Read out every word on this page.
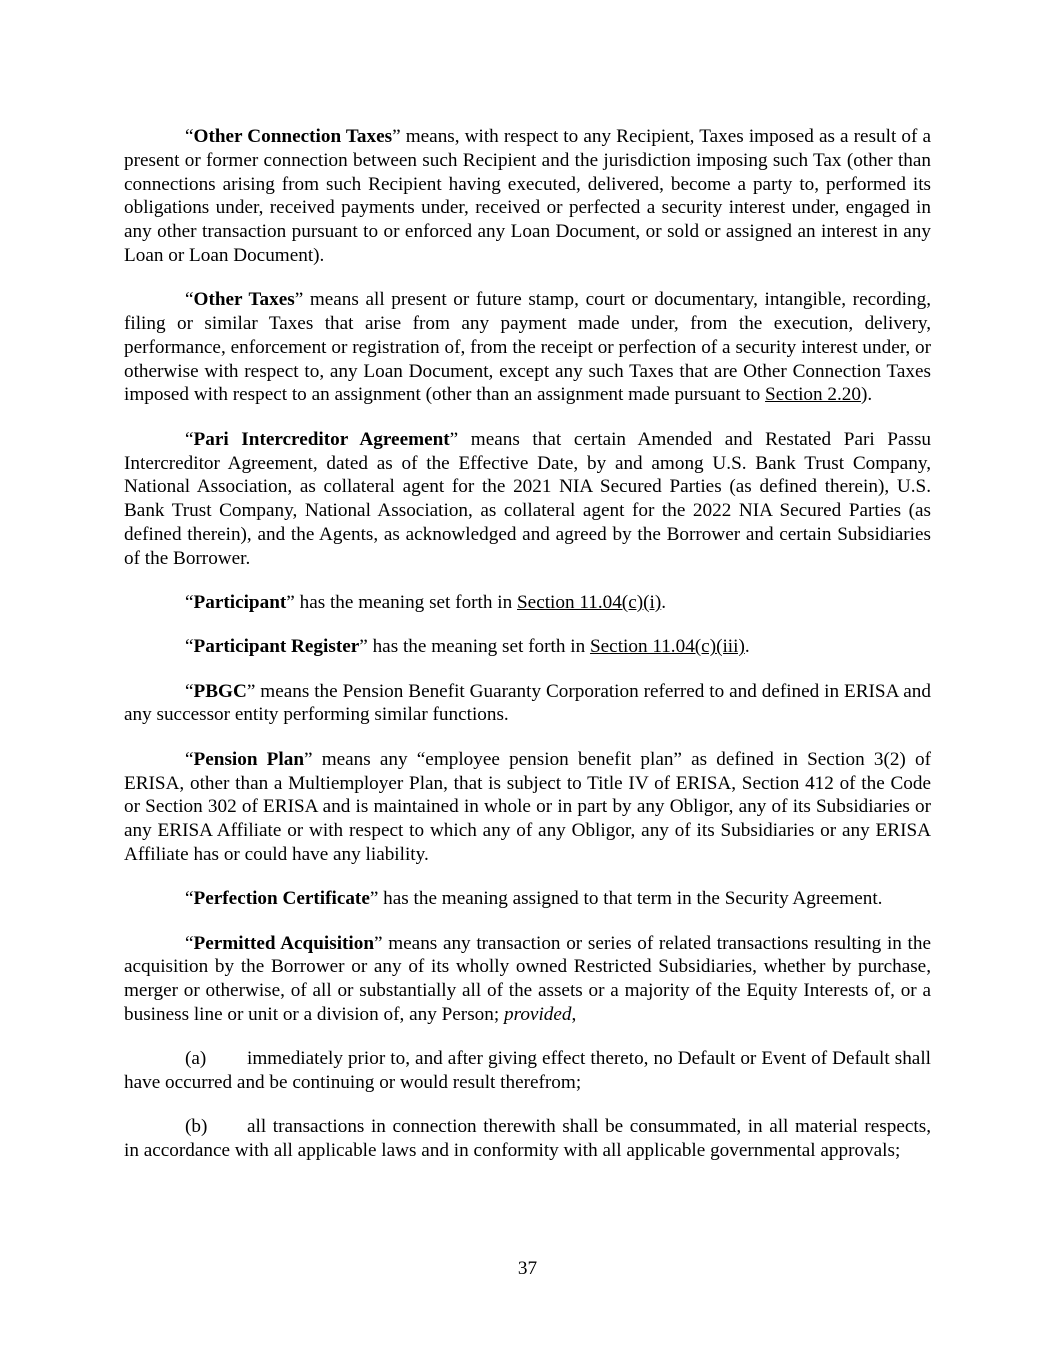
“Other Connection Taxes” means, with respect to any Recipient, Taxes imposed as a result of a present or former connection between such Recipient and the jurisdiction imposing such Tax (other than connections arising from such Recipient having executed, delivered, become a party to, performed its obligations under, received payments under, received or perfected a security interest under, engaged in any other transaction pursuant to or enforced any Loan Document, or sold or assigned an interest in any Loan or Loan Document).

“Other Taxes” means all present or future stamp, court or documentary, intangible, recording, filing or similar Taxes that arise from any payment made under, from the execution, delivery, performance, enforcement or registration of, from the receipt or perfection of a security interest under, or otherwise with respect to, any Loan Document, except any such Taxes that are Other Connection Taxes imposed with respect to an assignment (other than an assignment made pursuant to Section 2.20).

“Pari Intercreditor Agreement” means that certain Amended and Restated Pari Passu Intercreditor Agreement, dated as of the Effective Date, by and among U.S. Bank Trust Company, National Association, as collateral agent for the 2021 NIA Secured Parties (as defined therein), U.S. Bank Trust Company, National Association, as collateral agent for the 2022 NIA Secured Parties (as defined therein), and the Agents, as acknowledged and agreed by the Borrower and certain Subsidiaries of the Borrower.

“Participant” has the meaning set forth in Section 11.04(c)(i).

“Participant Register” has the meaning set forth in Section 11.04(c)(iii).

“PBGC” means the Pension Benefit Guaranty Corporation referred to and defined in ERISA and any successor entity performing similar functions.

“Pension Plan” means any “employee pension benefit plan” as defined in Section 3(2) of ERISA, other than a Multiemployer Plan, that is subject to Title IV of ERISA, Section 412 of the Code or Section 302 of ERISA and is maintained in whole or in part by any Obligor, any of its Subsidiaries or any ERISA Affiliate or with respect to which any of any Obligor, any of its Subsidiaries or any ERISA Affiliate has or could have any liability.

“Perfection Certificate” has the meaning assigned to that term in the Security Agreement.

“Permitted Acquisition” means any transaction or series of related transactions resulting in the acquisition by the Borrower or any of its wholly owned Restricted Subsidiaries, whether by purchase, merger or otherwise, of all or substantially all of the assets or a majority of the Equity Interests of, or a business line or unit or a division of, any Person; provided,

(a) immediately prior to, and after giving effect thereto, no Default or Event of Default shall have occurred and be continuing or would result therefrom;

(b) all transactions in connection therewith shall be consummated, in all material respects, in accordance with all applicable laws and in conformity with all applicable governmental approvals;

37
